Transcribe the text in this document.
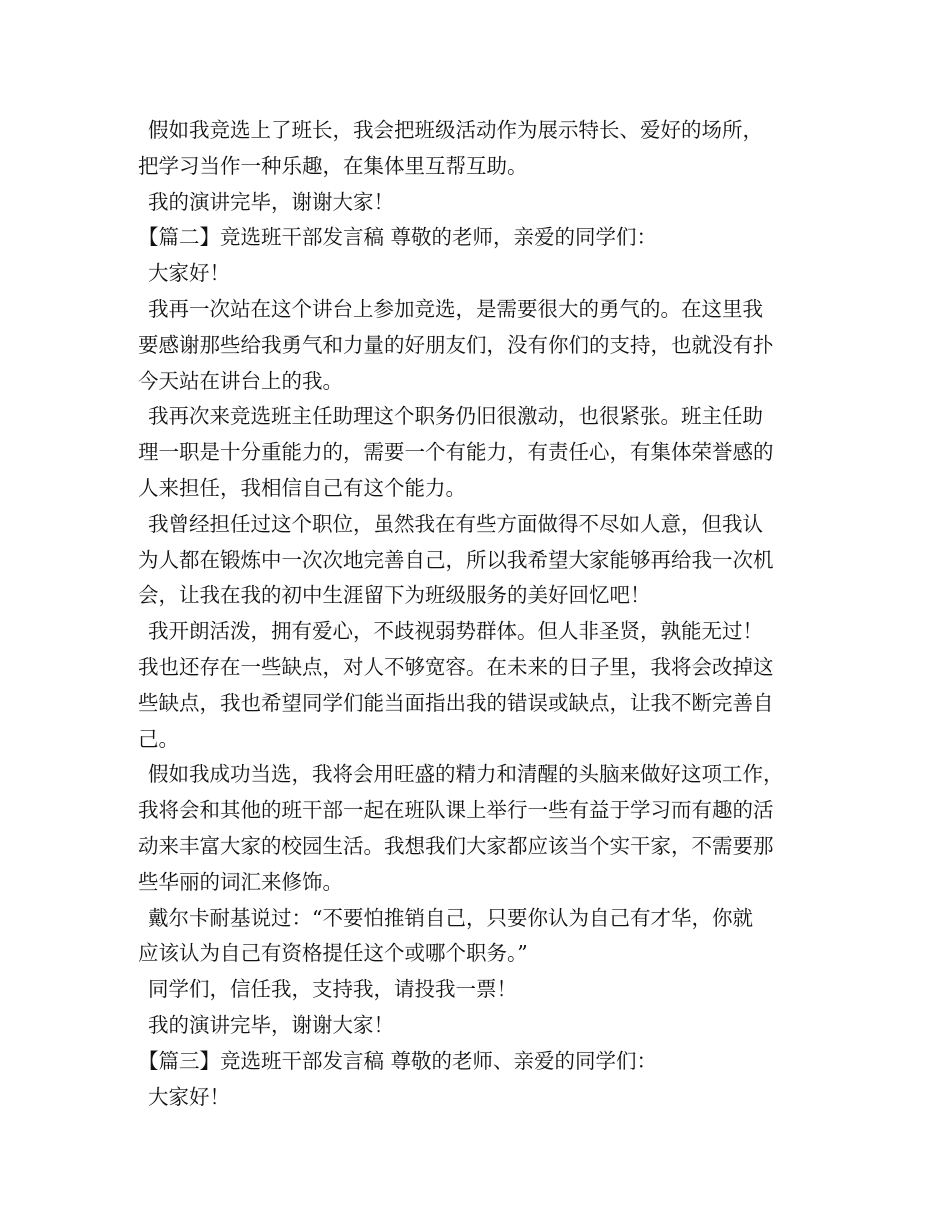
假如我竞选上了班长，我会把班级活动作为展示特长、爱好的场所，
把学习当作一种乐趣，在集体里互帮互助。
我的演讲完毕，谢谢大家！
【篇二】竞选班干部发言稿 尊敬的老师，亲爱的同学们：
大家好！
我再一次站在这个讲台上参加竞选，是需要很大的勇气的。在这里我
要感谢那些给我勇气和力量的好朋友们，没有你们的支持，也就没有扑
今天站在讲台上的我。
我再次来竞选班主任助理这个职务仍旧很激动，也很紧张。班主任助
理一职是十分重能力的，需要一个有能力，有责任心，有集体荣誉感的
人来担任，我相信自己有这个能力。
我曾经担任过这个职位，虽然我在有些方面做得不尽如人意，但我认
为人都在锻炼中一次次地完善自己，所以我希望大家能够再给我一次机
会，让我在我的初中生涯留下为班级服务的美好回忆吧！
我开朗活泼，拥有爱心，不歧视弱势群体。但人非圣贤，孰能无过！
我也还存在一些缺点，对人不够宽容。在未来的日子里，我将会改掉这
些缺点，我也希望同学们能当面指出我的错误或缺点，让我不断完善自
己。
假如我成功当选，我将会用旺盛的精力和清醒的头脑来做好这项工作，
我将会和其他的班干部一起在班队课上举行一些有益于学习而有趣的活
动来丰富大家的校园生活。我想我们大家都应该当个实干家，不需要那
些华丽的词汇来修饰。
戴尔卡耐基说过：“不要怕推销自己，只要你认为自己有才华，你就
应该认为自己有资格提任这个或哪个职务。”
同学们，信任我，支持我，请投我一票！
我的演讲完毕，谢谢大家！
【篇三】竞选班干部发言稿 尊敬的老师、亲爱的同学们：
大家好！
